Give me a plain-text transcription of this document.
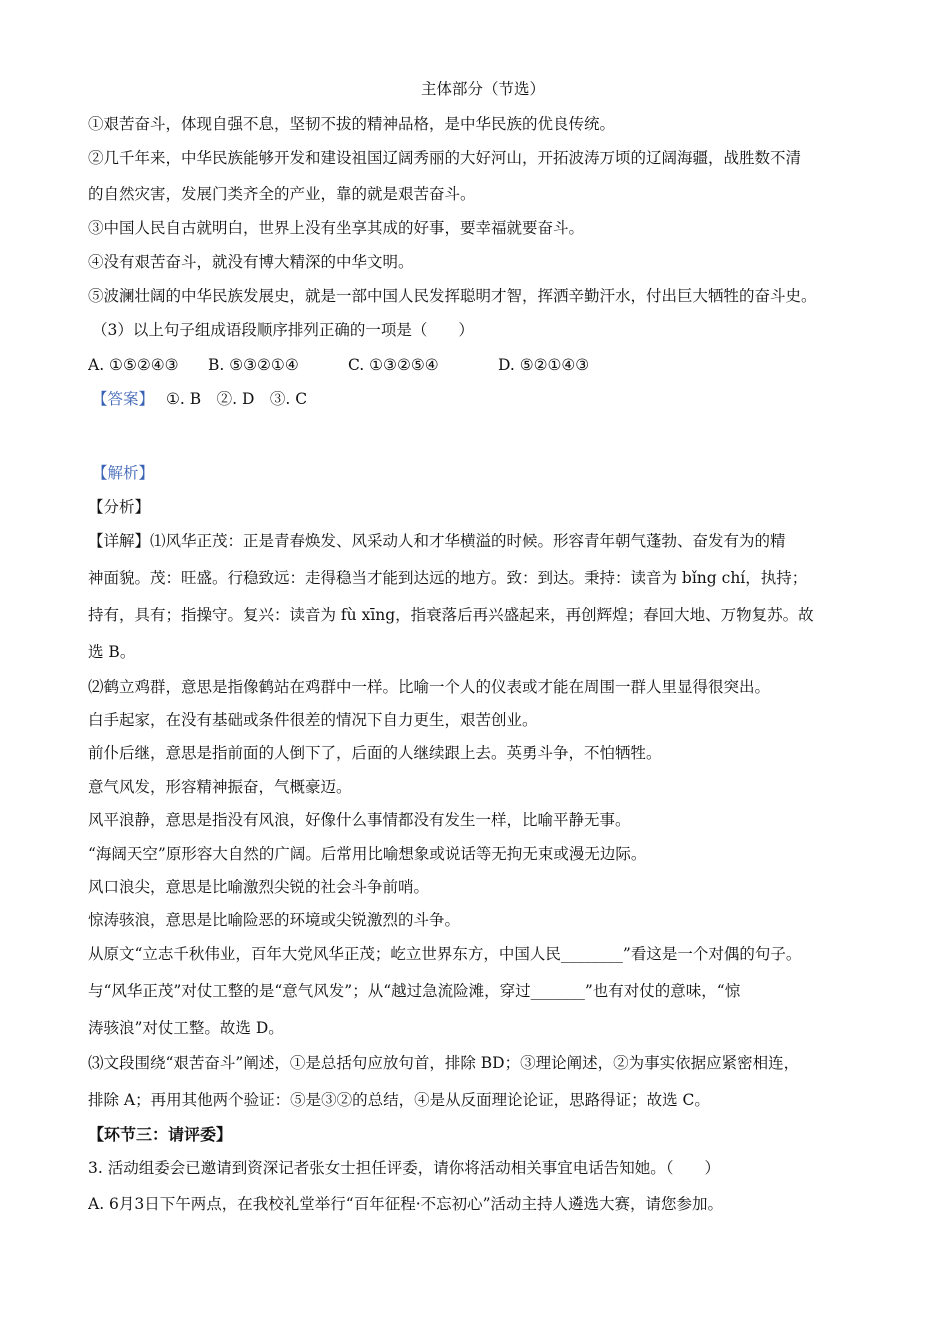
主体部分（节选）
①艰苦奋斗，体现自强不息，坚韧不拔的精神品格，是中华民族的优良传统。
②几千年来，中华民族能够开发和建设祖国辽阔秀丽的大好河山，开拓波涛万顷的辽阔海疆，战胜数不清
的自然灾害，发展门类齐全的产业，靠的就是艰苦奋斗。
③中国人民自古就明白，世界上没有坐享其成的好事，要幸福就要奋斗。
④没有艰苦奋斗，就没有博大精深的中华文明。
⑤波澜壮阔的中华民族发展史，就是一部中国人民发挥聪明才智，挥洒辛勤汗水，付出巨大牺牲的奋斗史。
（3）以上句子组成语段顺序排列正确的一项是（　　）
A. ①⑤②④③ B. ⑤③②①④	C. ①③②⑤④	D. ⑤②①④③
【答案】 ①. B　②. D　③. C
【解析】
【分析】
【详解】⑴风华正茂：正是青春焕发、风采动人和才华横溢的时候。形容青年朝气蓬勃、奋发有为的精
神面貌。茂：旺盛。行稳致远：走得稳当才能到达远的地方。致：到达。秉持：读音为 bǐng chí，执持；
持有，具有；指操守。复兴：读音为 fù xīng，指衰落后再兴盛起来，再创辉煌；春回大地、万物复苏。故
选 B。
⑵鹤立鸡群，意思是指像鹤站在鸡群中一样。比喻一个人的仪表或才能在周围一群人里显得很突出。
白手起家，在没有基础或条件很差的情况下自力更生，艰苦创业。
前仆后继，意思是指前面的人倒下了，后面的人继续跟上去。英勇斗争，不怕牺牲。
意气风发，形容精神振奋，气概豪迈。
风平浪静，意思是指没有风浪，好像什么事情都没有发生一样，比喻平静无事。
“海阔天空”原形容大自然的广阔。后常用比喻想象或说话等无拘无束或漫无边际。
风口浪尖，意思是比喻激烈尖锐的社会斗争前哨。
惊涛骇浪，意思是比喻险恶的环境或尖锐激烈的斗争。
从原文“立志千秋伟业，百年大党风华正茂；屹立世界东方，中国人民________”看这是一个对偶的句子。
与“风华正茂”对仗工整的是“意气风发”；从“越过急流险滩，穿过_______”也有对仗的意味，“惊
涛骇浪”对仗工整。故选 D。
⑶文段围绕“艰苦奋斗”阐述，①是总括句应放句首，排除 BD；③理论阐述，②为事实依据应紧密相连，
排除 A；再用其他两个验证：⑤是③②的总结，④是从反面理论论证，思路得证；故选 C。
【环节三：请评委】
3. 活动组委会已邀请到资深记者张女士担任评委，请你将活动相关事宜电话告知她。（　　）
A. 6月3日下午两点，在我校礼堂举行“百年征程·不忘初心”活动主持人遴选大赛，请您参加。
